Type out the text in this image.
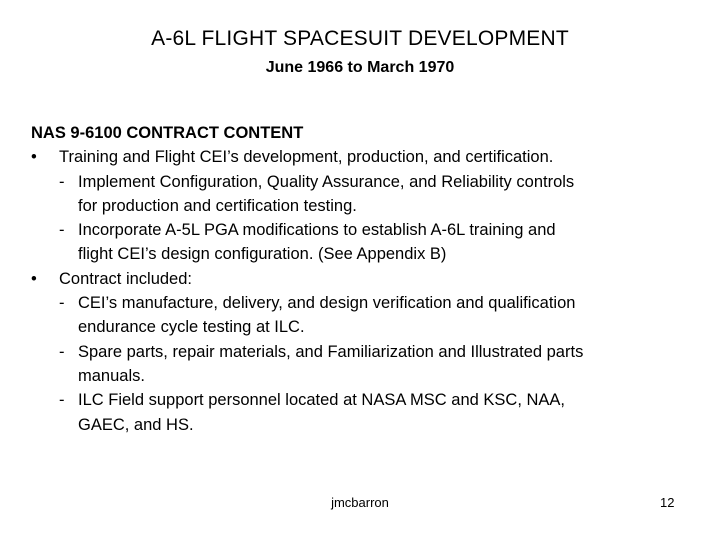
A-6L FLIGHT SPACESUIT DEVELOPMENT
June 1966 to March 1970

NAS 9-6100 CONTRACT CONTENT

• Training and Flight CEI’s development, production, and certification.

- Implement Configuration, Quality Assurance, and Reliability controls

for production and certification testing.

- Incorporate A-5L PGA modifications to establish A-6L training and

flight CEI’s design configuration. (See Appendix B)

• Contract included:

- CEI’s manufacture, delivery, and design verification and qualification

endurance cycle testing at ILC.

- Spare parts, repair materials, and Familiarization and Illustrated parts

manuals.

- ILC Field support personnel located at NASA MSC and KSC, NAA,

GAEC, and HS.

jmcbarron	12
